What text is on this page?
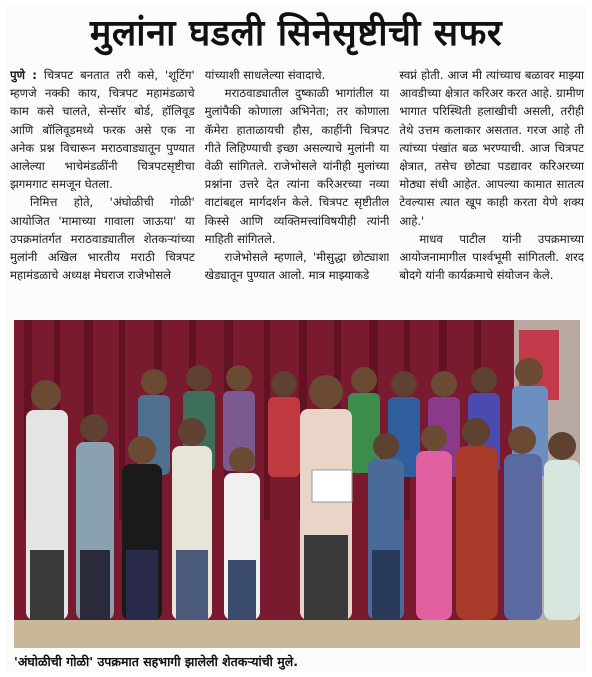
मुलांना घडली सिनेसृष्टीची सफर

पुणे : चित्रपट बनतात तरी कसे, 'शूटिंग' म्हणजे नक्की काय, चित्रपट महामंडळाचे काम कसे चालते, सेन्सॉर बोर्ड, हॉलिवूड आणि बॉलिवूडमध्ये फरक असे एक ना अनेक प्रश्न विचारून मराठवाड्यातून पुण्यात आलेल्या भाचेमंडळींनी चित्रपटसृष्टीचा झगमगाट समजून घेतला.

निमित्त होते, 'अंघोळीची गोळी' आयोजित 'मामाच्या गावाला जाऊया' या उपक्रमांतर्गत मराठवाड्यातील शेतकऱ्यांच्या मुलांनी अखिल भारतीय मराठी चित्रपट महामंडळाचे अध्यक्ष मेघराज राजेभोसले

यांच्याशी साधलेल्या संवादाचे.

मराठवाड्यातील दुष्काळी भागांतील या मुलांपैकी कोणाला अभिनेता; तर कोणाला कॅमेरा हाताळायची हौस, काहींनी चित्रपट गीते लिहिण्याची इच्छा असल्याचे मुलांनी या वेळी सांगितले. राजेभोसले यांनीही मुलांच्या प्रश्नांना उत्तरे देत त्यांना करिअरच्या नव्या वाटांबद्दल मार्गदर्शन केले. चित्रपट सृष्टीतील किस्से आणि व्यक्तिमत्त्वांविषयीही त्यांनी माहिती सांगितले.

राजेभोसले म्हणाले, 'मीसुद्धा छोट्याशा खेड्यातून पुण्यात आलो. मात्र माझ्याकडे

स्वप्नं होती. आज मी त्यांच्याच बळावर माझ्या आवडीच्या क्षेत्रात करिअर करत आहे. ग्रामीण भागात परिस्थिती हलाखीची असली, तरीही तेथे उत्तम कलाकार असतात. गरज आहे ती त्यांच्या पंखांत बळ भरण्याची. आज चित्रपट क्षेत्रात, तसेच छोट्या पडद्यावर करिअरच्या मोठ्या संधी आहेत. आपल्या कामात सातत्य टेवल्यास त्यात खूप काही करता येणे शक्य आहे.'

माधव पाटील यांनी उपक्रमाच्या आयोजनामागील पार्श्वभूमी सांगितली. शरद बोदगे यांनी कार्यक्रमाचे संयोजन केले.

'अंघोळीची गोळी' उपक्रमात सहभागी झालेली शेतकऱ्यांची मुले.
